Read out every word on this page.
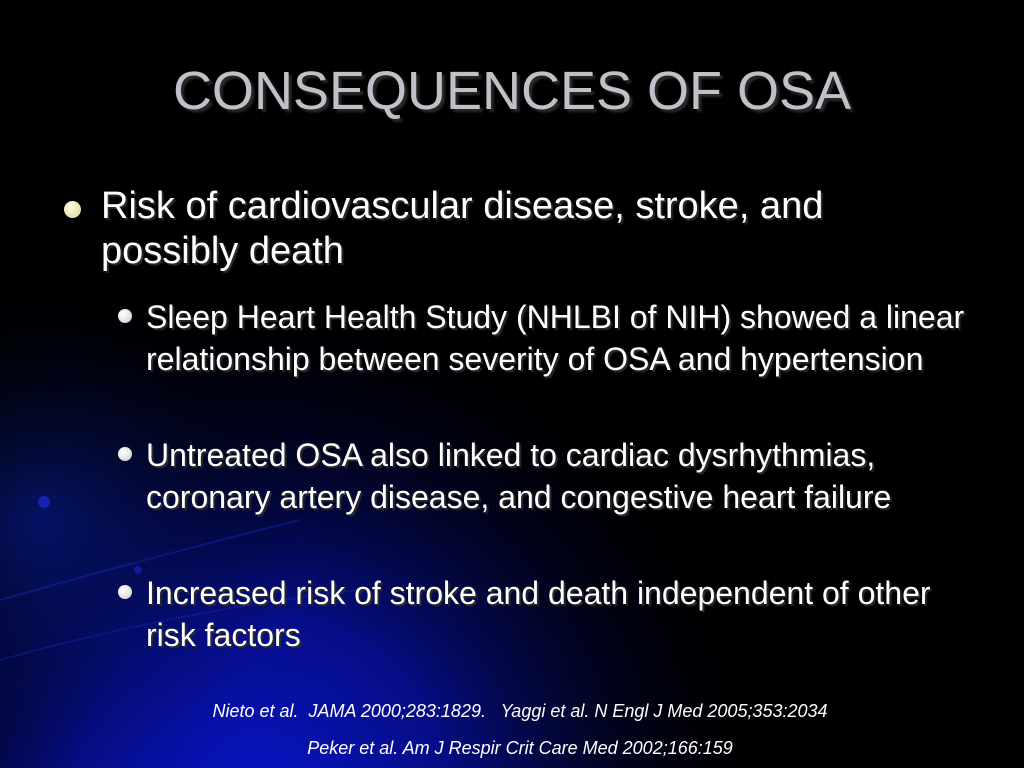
CONSEQUENCES OF OSA
Risk of cardiovascular disease, stroke, and possibly death
Sleep Heart Health Study (NHLBI of NIH) showed a linear relationship between severity of OSA and hypertension
Untreated OSA also linked to cardiac dysrhythmias, coronary artery disease, and congestive heart failure
Increased risk of stroke and death independent of other risk factors
Nieto et al.  JAMA 2000;283:1829.   Yaggi et al. N Engl J Med 2005;353:2034
Peker et al. Am J Respir Crit Care Med 2002;166:159
